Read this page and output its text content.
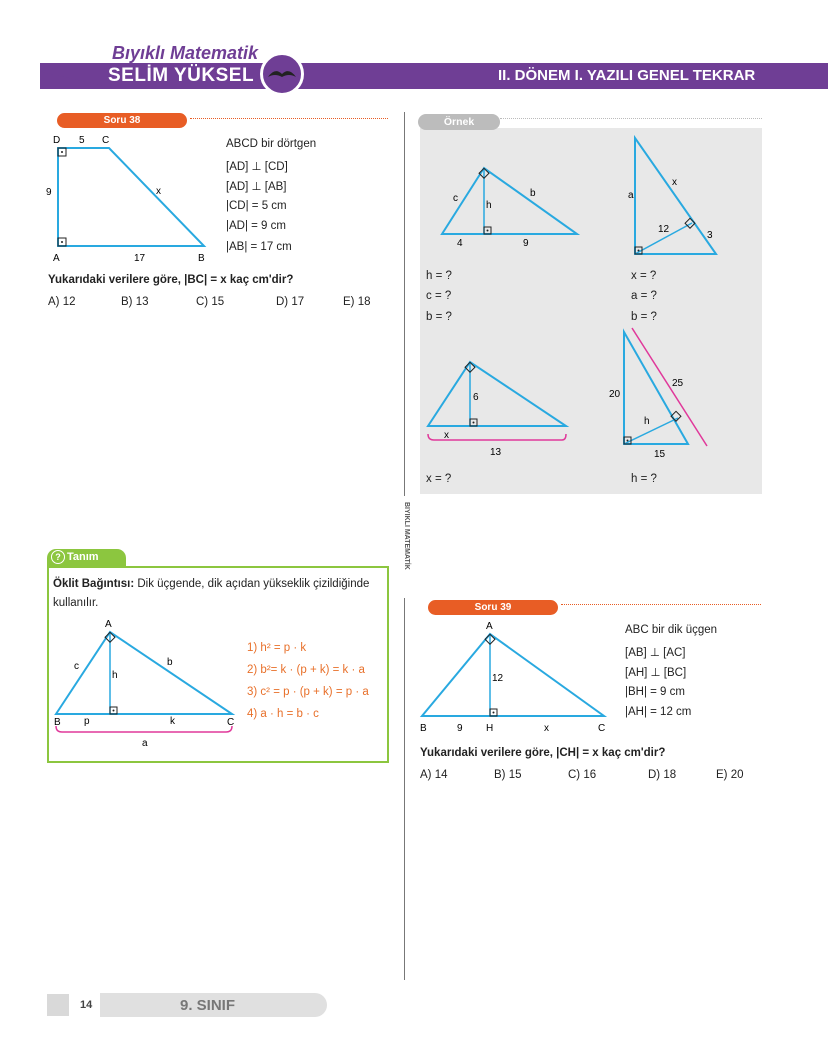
Bıyıklı Matematik
SELİM YÜKSEL	II. DÖNEM I. YAZILI GENEL TEKRAR
BIYIKLI MATEMATİK
Soru 38
D	C
5
9	x
A	17	B
ABCD bir dörtgen
[AD] ⊥ [CD]
[AD] ⊥ [AB]
|CD| = 5 cm
|AD| = 9 cm
|AB| = 17 cm
Yukarıdaki verilere göre, |BC| = x kaç cm'dir?
A) 12	B) 13	C) 15	D) 17	E) 18
Örnek
c
h
b
4	9
a
x
12
3
6
x
13
20
25
h
15
h = ?
c = ?
b = ?
x = ?
a = ?
b = ?
x = ?	h = ?
? Tanım
Öklit Bağıntısı: Dik üçgende, dik açıdan yükseklik çizildiğinde
kullanılır.
A
B	C
c	b
h
p	k
a
1) h² = p · k
2) b²= k · (p + k) = k · a
3) c² = p · (p + k) = p · a
4) a · h = b · c
Soru 39
A
B	9 H	x	C
12
ABC bir dik üçgen
[AB] ⊥ [AC]
[AH] ⊥ [BC]
|BH| = 9 cm
|AH| = 12 cm
Yukarıdaki verilere göre, |CH| = x kaç cm'dir?
A) 14	B) 15	C) 16	D) 18	E) 20
14	9. SINIF
